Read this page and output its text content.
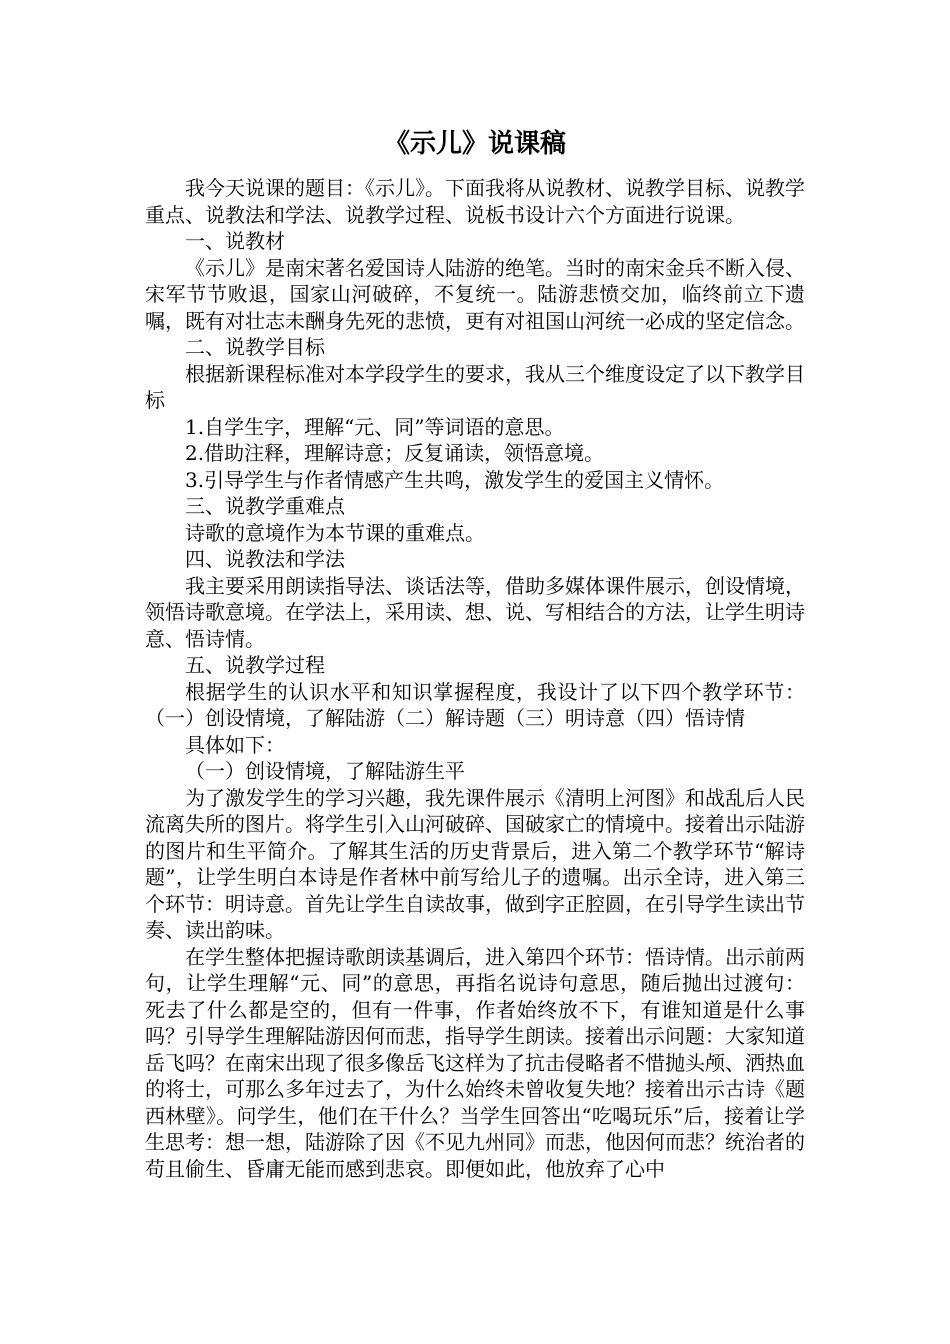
《示儿》说课稿

我今天说课的题目：《示儿》。下面我将从说教材、说教学目标、说教学重点、说教法和学法、说教学过程、说板书设计六个方面进行说课。

一、说教材

《示儿》是南宋著名爱国诗人陆游的绝笔。当时的南宋金兵不断入侵、宋军节节败退，国家山河破碎，不复统一。陆游悲愤交加，临终前立下遗嘱，既有对壮志未酬身先死的悲愤，更有对祖国山河统一必成的坚定信念。

二、说教学目标

根据新课程标准对本学段学生的要求，我从三个维度设定了以下教学目标

1.自学生字，理解“元、同”等词语的意思。

2.借助注释，理解诗意；反复诵读，领悟意境。

3.引导学生与作者情感产生共鸣，激发学生的爱国主义情怀。

三、说教学重难点

诗歌的意境作为本节课的重难点。

四、说教法和学法

我主要采用朗读指导法、谈话法等，借助多媒体课件展示，创设情境，领悟诗歌意境。在学法上，采用读、想、说、写相结合的方法，让学生明诗意、悟诗情。

五、说教学过程

根据学生的认识水平和知识掌握程度，我设计了以下四个教学环节：（一）创设情境，了解陆游（二）解诗题（三）明诗意（四）悟诗情

具体如下：

（一）创设情境，了解陆游生平

为了激发学生的学习兴趣，我先课件展示《清明上河图》和战乱后人民流离失所的图片。将学生引入山河破碎、国破家亡的情境中。接着出示陆游的图片和生平简介。了解其生活的历史背景后，进入第二个教学环节“解诗题”，让学生明白本诗是作者林中前写给儿子的遗嘱。出示全诗，进入第三个环节：明诗意。首先让学生自读故事，做到字正腔圆，在引导学生读出节奏、读出韵味。

在学生整体把握诗歌朗读基调后，进入第四个环节：悟诗情。出示前两句，让学生理解“元、同”的意思，再指名说诗句意思，随后抛出过渡句：死去了什么都是空的，但有一件事，作者始终放不下，有谁知道是什么事吗？引导学生理解陆游因何而悲，指导学生朗读。接着出示问题：大家知道岳飞吗？在南宋出现了很多像岳飞这样为了抗击侵略者不惜抛头颅、洒热血的将士，可那么多年过去了，为什么始终未曾收复失地？接着出示古诗《题西林壁》。问学生，他们在干什么？当学生回答出“吃喝玩乐”后，接着让学生思考：想一想，陆游除了因《不见九州同》而悲，他因何而悲？统治者的苟且偷生、昏庸无能而感到悲哀。即便如此，他放弃了心中
